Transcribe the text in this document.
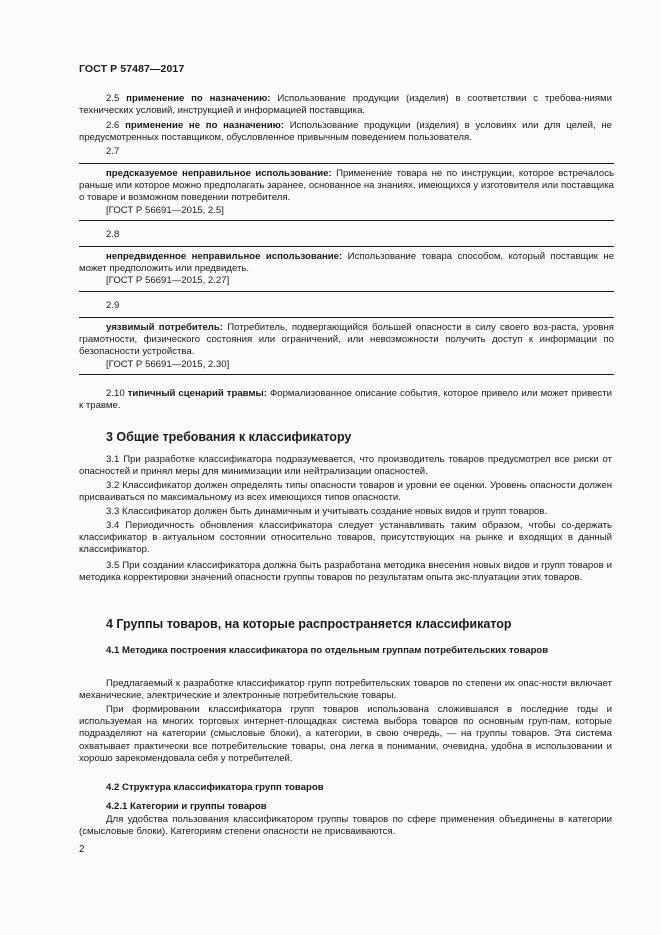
ГОСТ Р 57487—2017
2.5 применение по назначению: Использование продукции (изделия) в соответствии с требова-ниями технических условий, инструкцией и информацией поставщика.
2.6 применение не по назначению: Использование продукции (изделия) в условиях или для целей, не предусмотренных поставщиком, обусловленное привычным поведением пользователя.
2.7
предсказуемое неправильное использование: Применение товара не по инструкции, которое встречалось раньше или которое можно предполагать заранее, основанное на знаниях, имеющихся у изготовителя или поставщика о товаре и возможном поведении потребителя.
[ГОСТ Р 56691—2015, 2.5]
2.8
непредвиденное неправильное использование: Использование товара способом, который поставщик не может предположить или предвидеть.
[ГОСТ Р 56691—2015, 2.27]
2.9
уязвимый потребитель: Потребитель, подвергающийся большей опасности в силу своего воз-раста, уровня грамотности, физического состояния или ограничений, или невозможности получить доступ к информации по безопасности устройства.
[ГОСТ Р 56691—2015, 2.30]
2.10 типичный сценарий травмы: Формализованное описание события, которое привело или может привести к травме.
3 Общие требования к классификатору
3.1 При разработке классификатора подразумевается, что производитель товаров предусмотрел все риски от опасностей и принял меры для минимизации или нейтрализации опасностей.
3.2 Классификатор должен определять типы опасности товаров и уровни ее оценки. Уровень опасности должен присваиваться по максимальному из всех имеющихся типов опасности.
3.3 Классификатор должен быть динамичным и учитывать создание новых видов и групп товаров.
3.4 Периодичность обновления классификатора следует устанавливать таким образом, чтобы со-держать классификатор в актуальном состоянии относительно товаров, присутствующих на рынке и входящих в данный классификатор.
3.5 При создании классификатора должна быть разработана методика внесения новых видов и групп товаров и методика корректировки значений опасности группы товаров по результатам опыта экс-плуатации этих товаров.
4 Группы товаров, на которые распространяется классификатор
4.1 Методика построения классификатора по отдельным группам потребительских товаров
Предлагаемый к разработке классификатор групп потребительских товаров по степени их опас-ности включает механические, электрические и электронные потребительские товары.
При формировании классификатора групп товаров использована сложившаяся в последние годы и используемая на многих торговых интернет-площадках система выбора товаров по основным груп-пам, которые подразделяют на категории (смысловые блоки), а категории, в свою очередь, — на группы товаров. Эта система охватывает практически все потребительские товары, она легка в понимании, очевидна, удобна в использовании и хорошо зарекомендовала себя у потребителей.
4.2 Структура классификатора групп товаров
4.2.1 Категории и группы товаров
Для удобства пользования классификатором группы товаров по сфере применения объединены в категории (смысловые блоки). Категориям степени опасности не присваиваются.
2
